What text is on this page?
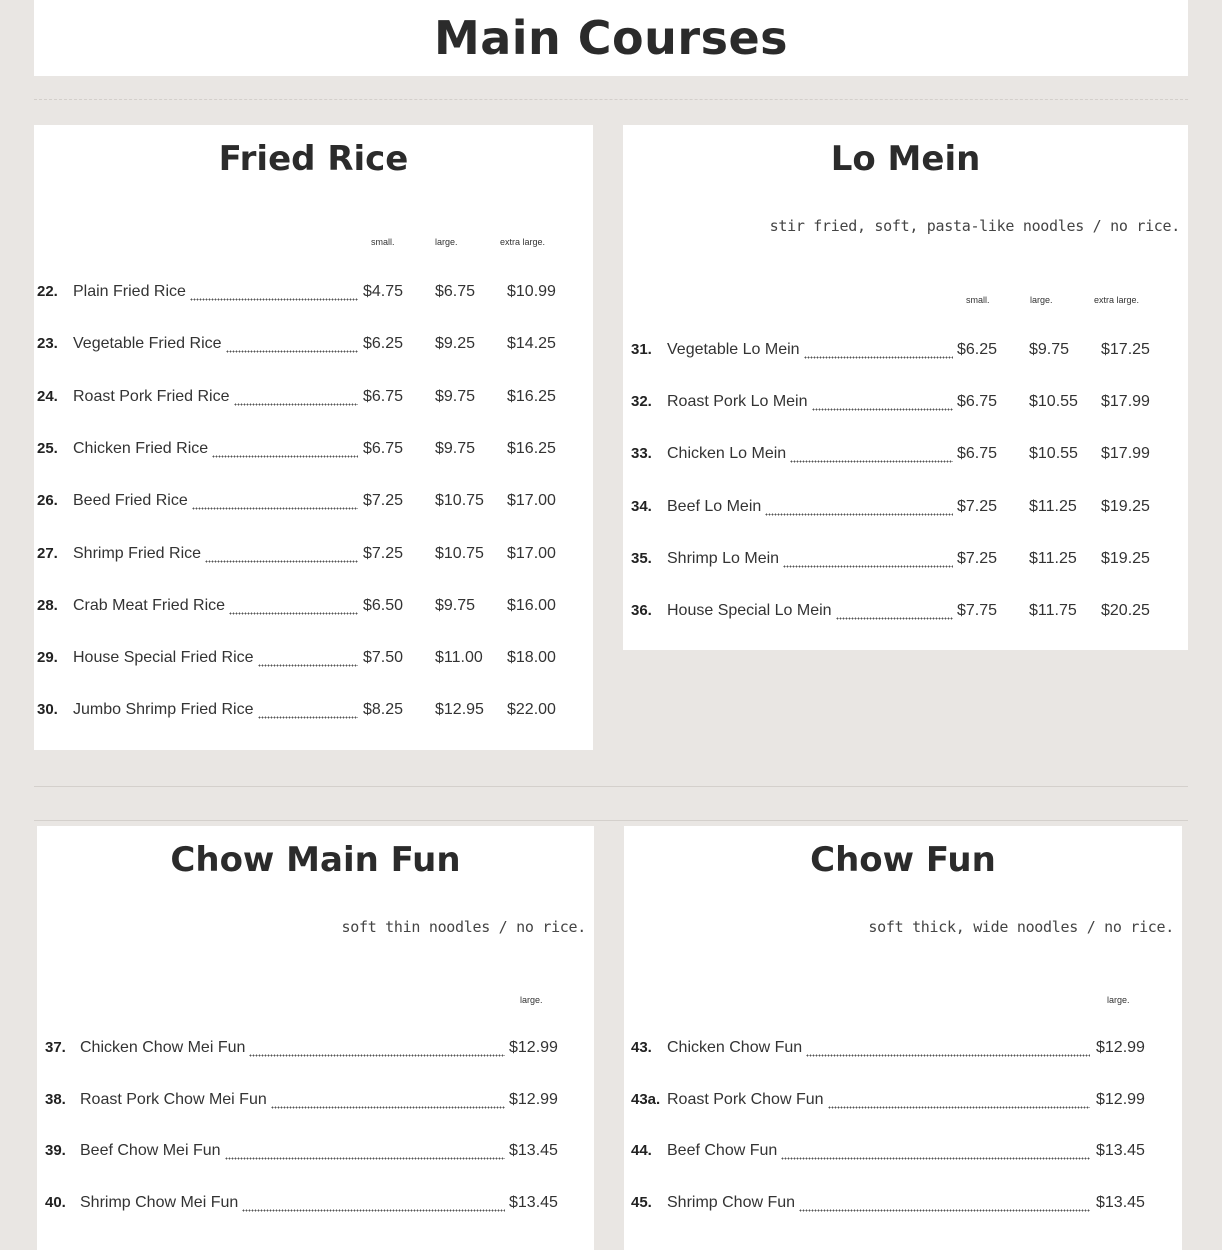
Main Courses
Fried Rice
small.	large.	extra large.
22. Plain Fried Rice	$4.75 $6.75 $10.99
23. Vegetable Fried Rice	$6.25 $9.25 $14.25
24. Roast Pork Fried Rice	$6.75 $9.75 $16.25
25. Chicken Fried Rice	$6.75 $9.75 $16.25
26. Beed Fried Rice	$7.25 $10.75 $17.00
27. Shrimp Fried Rice	$7.25 $10.75 $17.00
28. Crab Meat Fried Rice	$6.50 $9.75 $16.00
29. House Special Fried Rice	$7.50 $11.00 $18.00
30. Jumbo Shrimp Fried Rice	$8.25 $12.95 $22.00
Lo Mein
stir fried, soft, pasta-like noodles / no rice.
small.	large.	extra large.
31. Vegetable Lo Mein	$6.25 $9.75 $17.25
32. Roast Pork Lo Mein	$6.75 $10.55 $17.99
33. Chicken Lo Mein	$6.75 $10.55 $17.99
34. Beef Lo Mein	$7.25 $11.25 $19.25
35. Shrimp Lo Mein	$7.25 $11.25 $19.25
36. House Special Lo Mein	$7.75 $11.75 $20.25
Chow Main Fun
soft thin noodles / no rice.
large.
37. Chicken Chow Mei Fun	$12.99
38. Roast Pork Chow Mei Fun	$12.99
39. Beef Chow Mei Fun	$13.45
40. Shrimp Chow Mei Fun	$13.45
Chow Fun
soft thick, wide noodles / no rice.
large.
43. Chicken Chow Fun	$12.99
43a. Roast Pork Chow Fun	$12.99
44. Beef Chow Fun	$13.45
45. Shrimp Chow Fun	$13.45
